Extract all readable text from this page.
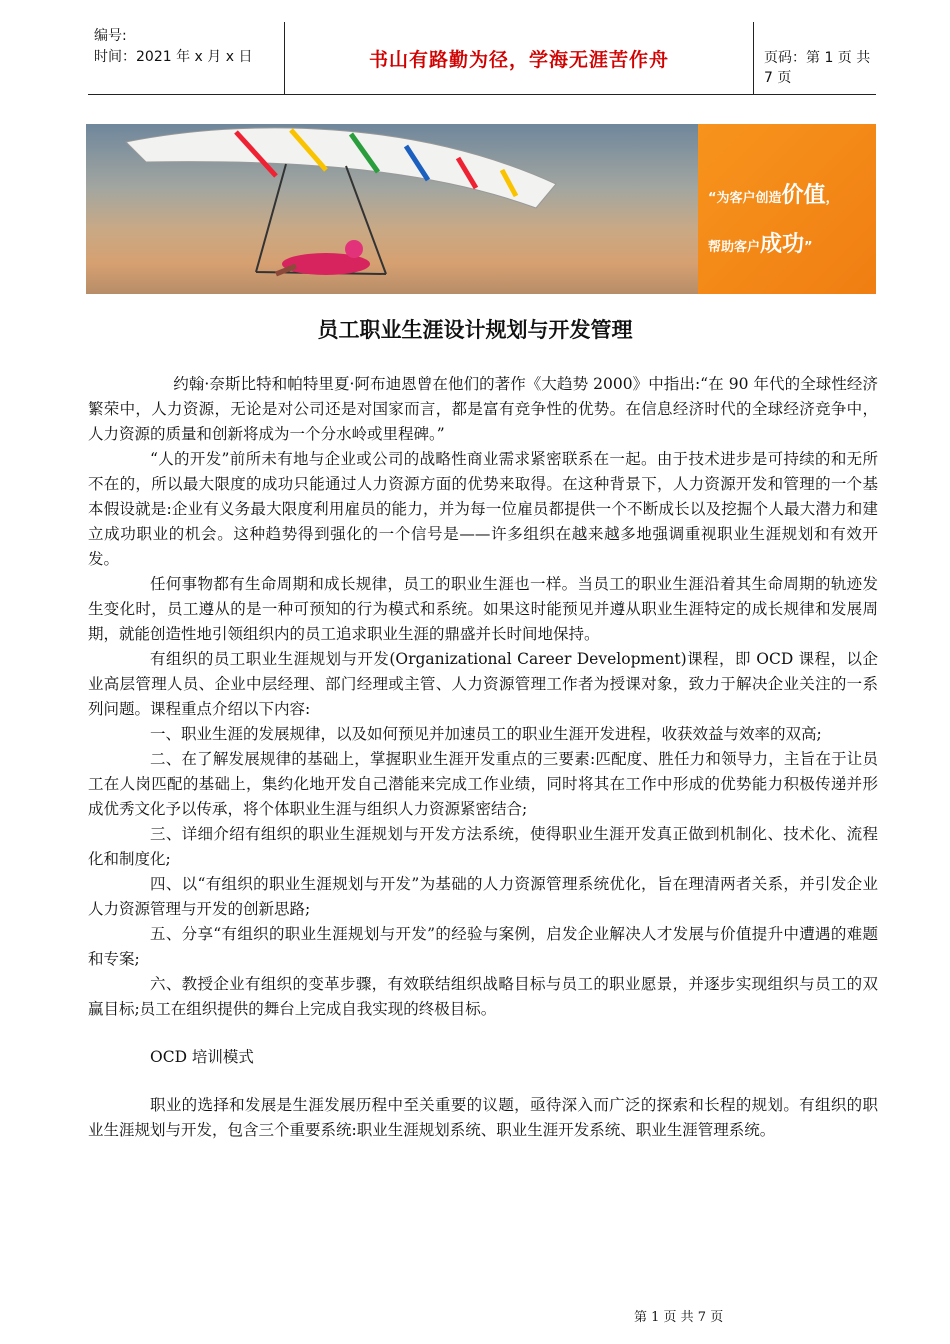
编号:
时间：2021 年 x 月 x 日	书山有路勤为径，学海无涯苦作舟	页码：第 1 页 共 7 页
“为客户创造价值，
帮助客户成功”
员工职业生涯设计规划与开发管理

约翰·奈斯比特和帕特里夏·阿布迪恩曾在他们的著作《大趋势 2000》中指出:“在 90 年代的全球性经济繁荣中，人力资源，无论是对公司还是对国家而言，都是富有竞争性的优势。在信息经济时代的全球经济竞争中，人力资源的质量和创新将成为一个分水岭或里程碑。”

“人的开发”前所未有地与企业或公司的战略性商业需求紧密联系在一起。由于技术进步是可持续的和无所不在的，所以最大限度的成功只能通过人力资源方面的优势来取得。在这种背景下，人力资源开发和管理的一个基本假设就是:企业有义务最大限度利用雇员的能力，并为每一位雇员都提供一个不断成长以及挖掘个人最大潜力和建立成功职业的机会。这种趋势得到强化的一个信号是——许多组织在越来越多地强调重视职业生涯规划和有效开发。

任何事物都有生命周期和成长规律，员工的职业生涯也一样。当员工的职业生涯沿着其生命周期的轨迹发生变化时，员工遵从的是一种可预知的行为模式和系统。如果这时能预见并遵从职业生涯特定的成长规律和发展周期，就能创造性地引领组织内的员工追求职业生涯的鼎盛并长时间地保持。

有组织的员工职业生涯规划与开发(Organizational Career Development)课程，即 OCD 课程，以企业高层管理人员、企业中层经理、部门经理或主管、人力资源管理工作者为授课对象，致力于解决企业关注的一系列问题。课程重点介绍以下内容:

一、职业生涯的发展规律，以及如何预见并加速员工的职业生涯开发进程，收获效益与效率的双高;

二、在了解发展规律的基础上，掌握职业生涯开发重点的三要素:匹配度、胜任力和领导力，主旨在于让员工在人岗匹配的基础上，集约化地开发自己潜能来完成工作业绩，同时将其在工作中形成的优势能力积极传递并形成优秀文化予以传承，将个体职业生涯与组织人力资源紧密结合;

三、详细介绍有组织的职业生涯规划与开发方法系统，使得职业生涯开发真正做到机制化、技术化、流程化和制度化;

四、以“有组织的职业生涯规划与开发”为基础的人力资源管理系统优化，旨在理清两者关系，并引发企业人力资源管理与开发的创新思路;

五、分享“有组织的职业生涯规划与开发”的经验与案例，启发企业解决人才发展与价值提升中遭遇的难题和专案;

六、教授企业有组织的变革步骤，有效联结组织战略目标与员工的职业愿景，并逐步实现组织与员工的双赢目标;员工在组织提供的舞台上完成自我实现的终极目标。

OCD 培训模式

职业的选择和发展是生涯发展历程中至关重要的议题，亟待深入而广泛的探索和长程的规划。有组织的职业生涯规划与开发，包含三个重要系统:职业生涯规划系统、职业生涯开发系统、职业生涯管理系统。

第 1 页 共 7 页
